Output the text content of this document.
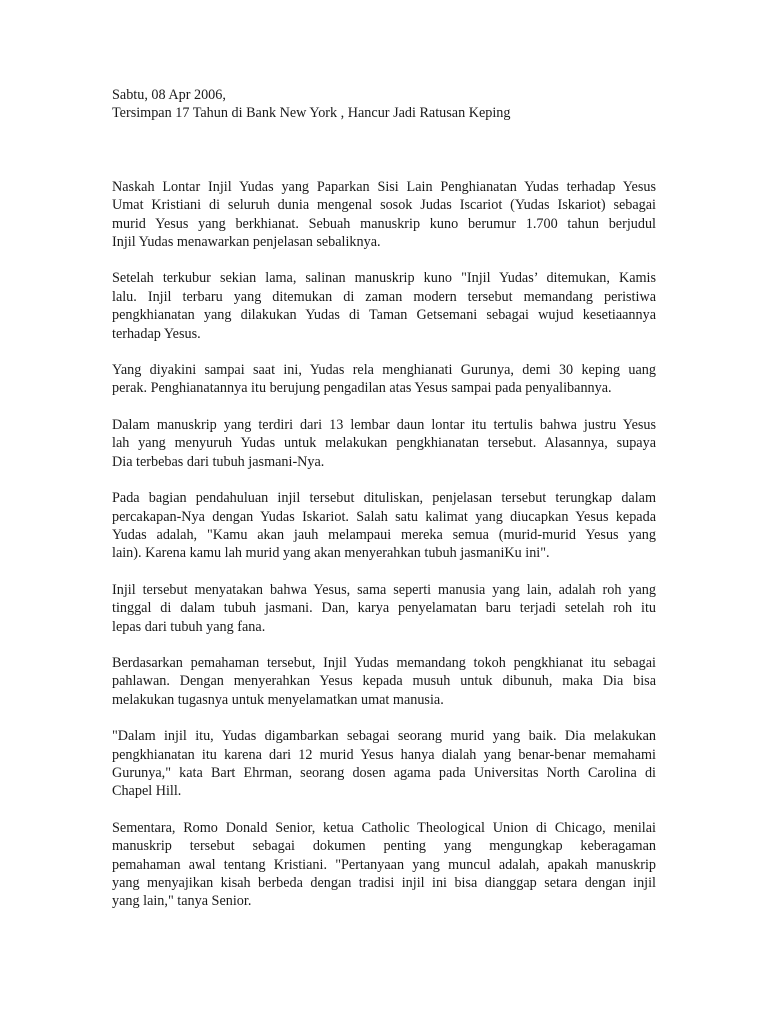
Sabtu, 08 Apr 2006,

Tersimpan 17 Tahun di Bank New York , Hancur Jadi Ratusan Keping

Naskah Lontar Injil Yudas yang Paparkan Sisi Lain Penghianatan Yudas terhadap Yesus
Umat Kristiani di seluruh dunia mengenal sosok Judas Iscariot (Yudas Iskariot) sebagai
murid Yesus yang berkhianat. Sebuah manuskrip kuno berumur 1.700 tahun berjudul
Injil Yudas menawarkan penjelasan sebaliknya.

Setelah terkubur sekian lama, salinan manuskrip kuno "Injil Yudas’ ditemukan, Kamis
lalu. Injil terbaru yang ditemukan di zaman modern tersebut memandang peristiwa
pengkhianatan yang dilakukan Yudas di Taman Getsemani sebagai wujud kesetiaannya
terhadap Yesus.

Yang diyakini sampai saat ini, Yudas rela menghianati Gurunya, demi 30 keping uang
perak. Penghianatannya itu berujung pengadilan atas Yesus sampai pada penyalibannya.

Dalam manuskrip yang terdiri dari 13 lembar daun lontar itu tertulis bahwa justru Yesus
lah yang menyuruh Yudas untuk melakukan pengkhianatan tersebut. Alasannya, supaya
Dia terbebas dari tubuh jasmani-Nya.

Pada bagian pendahuluan injil tersebut dituliskan, penjelasan tersebut terungkap dalam
percakapan-Nya dengan Yudas Iskariot. Salah satu kalimat yang diucapkan Yesus kepada
Yudas adalah, "Kamu akan jauh melampaui mereka semua (murid-murid Yesus yang
lain). Karena kamu lah murid yang akan menyerahkan tubuh jasmaniKu ini".

Injil tersebut menyatakan bahwa Yesus, sama seperti manusia yang lain, adalah roh yang
tinggal di dalam tubuh jasmani. Dan, karya penyelamatan baru terjadi setelah roh itu
lepas dari tubuh yang fana.

Berdasarkan pemahaman tersebut, Injil Yudas memandang tokoh pengkhianat itu sebagai
pahlawan. Dengan menyerahkan Yesus kepada musuh untuk dibunuh, maka Dia bisa
melakukan tugasnya untuk menyelamatkan umat manusia.

"Dalam injil itu, Yudas digambarkan sebagai seorang murid yang baik. Dia melakukan
pengkhianatan itu karena dari 12 murid Yesus hanya dialah yang benar-benar memahami
Gurunya," kata Bart Ehrman, seorang dosen agama pada Universitas North Carolina di
Chapel Hill.

Sementara, Romo Donald Senior, ketua Catholic Theological Union di Chicago, menilai
manuskrip tersebut sebagai dokumen penting yang mengungkap keberagaman
pemahaman awal tentang Kristiani. "Pertanyaan yang muncul adalah, apakah manuskrip
yang menyajikan kisah berbeda dengan tradisi injil ini bisa dianggap setara dengan injil
yang lain," tanya Senior.
